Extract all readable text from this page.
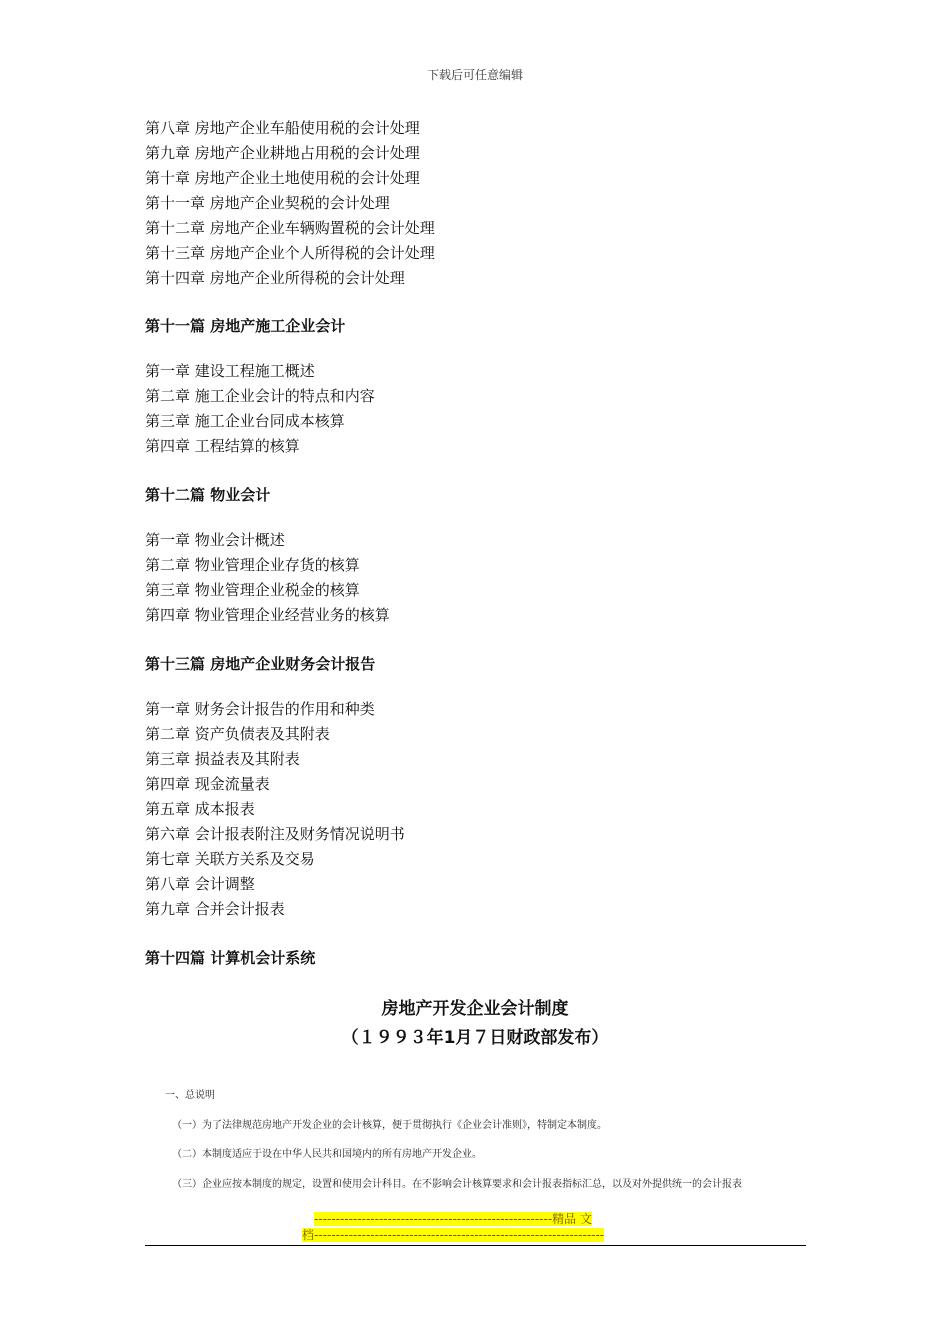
下载后可任意编辑
第八章 房地产企业车船使用税的会计处理
第九章 房地产企业耕地占用税的会计处理
第十章 房地产企业土地使用税的会计处理
第十一章 房地产企业契税的会计处理
第十二章 房地产企业车辆购置税的会计处理
第十三章 房地产企业个人所得税的会计处理
第十四章 房地产企业所得税的会计处理
第十一篇 房地产施工企业会计
第一章 建设工程施工概述
第二章 施工企业会计的特点和内容
第三章 施工企业台同成本核算
第四章 工程结算的核算
第十二篇 物业会计
第一章 物业会计概述
第二章 物业管理企业存货的核算
第三章 物业管理企业税金的核算
第四章 物业管理企业经营业务的核算
第十三篇 房地产企业财务会计报告
第一章 财务会计报告的作用和种类
第二章 资产负债表及其附表
第三章 损益表及其附表
第四章 现金流量表
第五章 成本报表
第六章 会计报表附注及财务情况说明书
第七章 关联方关系及交易
第八章 会计调整
第九章 合并会计报表
第十四篇 计算机会计系统
房地产开发企业会计制度
（１９９３年1月７日财政部发布）
一、总说明
（一）为了法律规范房地产开发企业的会计核算，便于贯彻执行《企业会计准则》，特制定本制度。
（二）本制度适应于设在中华人民共和国境内的所有房地产开发企业。
（三）企业应按本制度的规定，设置和使用会计科目。在不影响会计核算要求和会计报表指标汇总，以及对外提供统一的会计报表
-------------------------------------------------------精品 文
档-------------------------------------------------------------------
